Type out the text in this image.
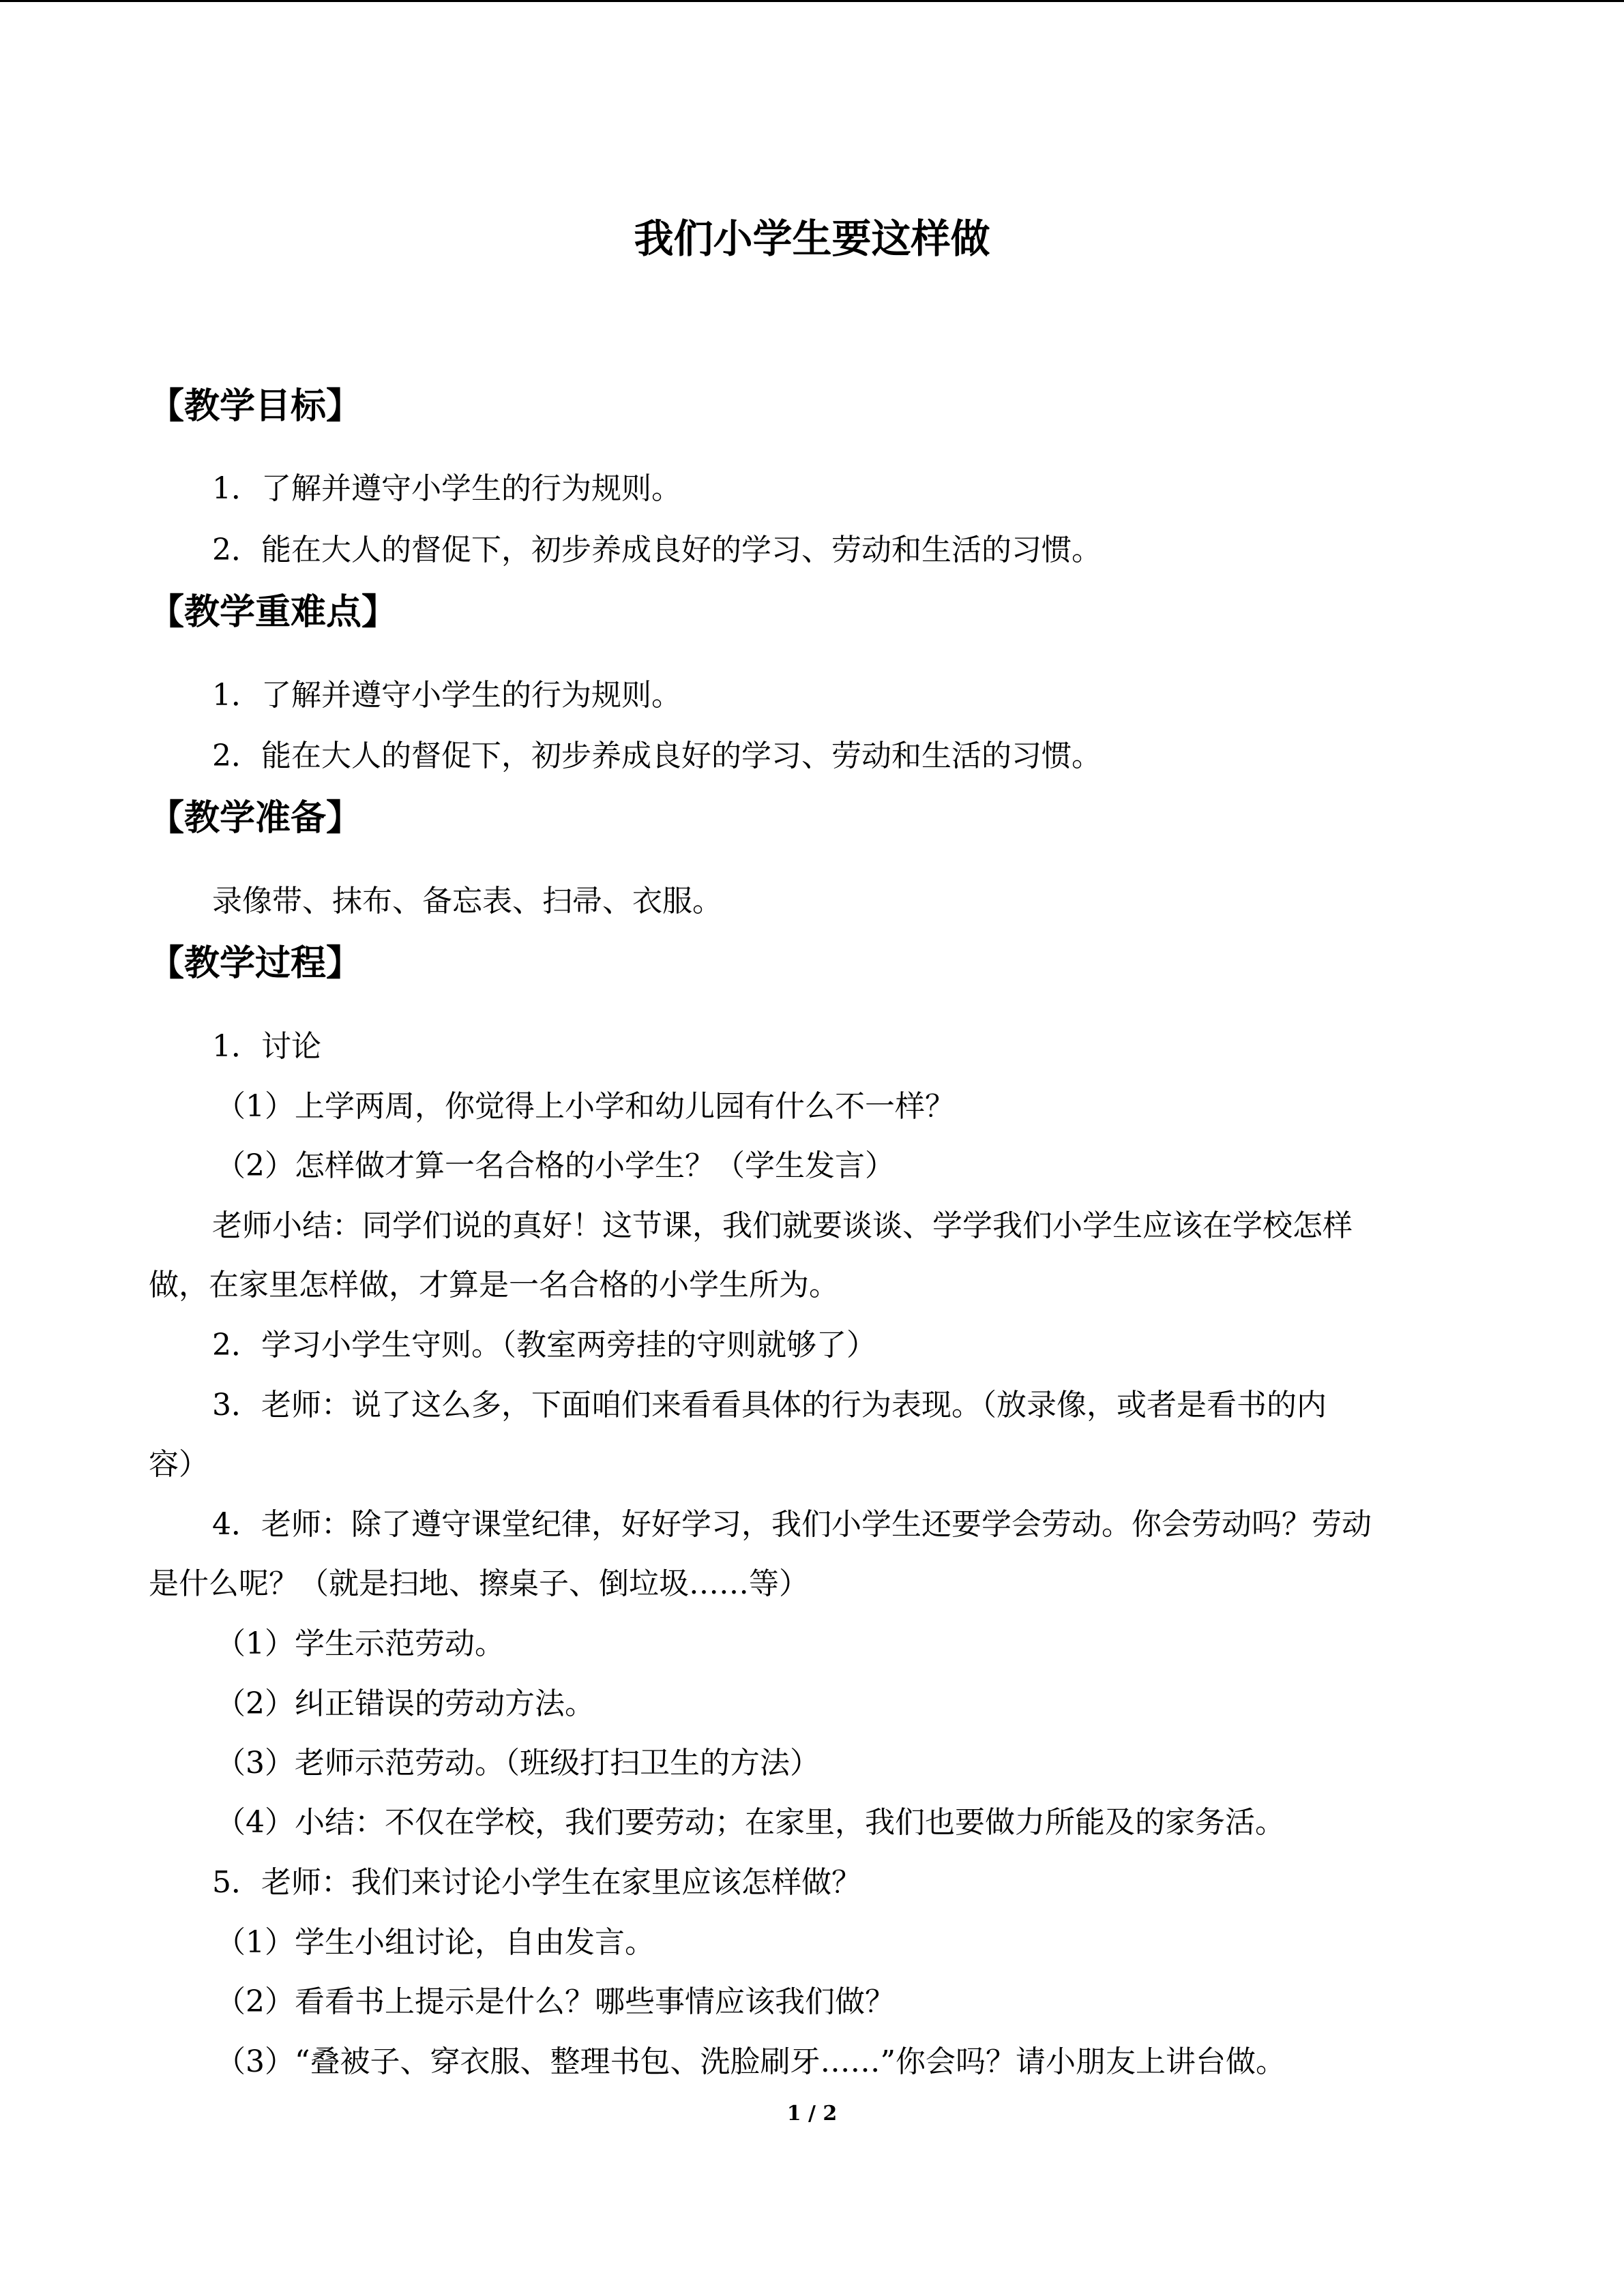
我们小学生要这样做
【教学目标】
1．了解并遵守小学生的行为规则。
2．能在大人的督促下，初步养成良好的学习、劳动和生活的习惯。
【教学重难点】
1．了解并遵守小学生的行为规则。
2．能在大人的督促下，初步养成良好的学习、劳动和生活的习惯。
【教学准备】
录像带、抹布、备忘表、扫帚、衣服。
【教学过程】
1．讨论
（1）上学两周，你觉得上小学和幼儿园有什么不一样？
（2）怎样做才算一名合格的小学生？（学生发言）
老师小结：同学们说的真好！这节课，我们就要谈谈、学学我们小学生应该在学校怎样
做，在家里怎样做，才算是一名合格的小学生所为。
2．学习小学生守则。（教室两旁挂的守则就够了）
3．老师：说了这么多，下面咱们来看看具体的行为表现。（放录像，或者是看书的内
容）
4．老师：除了遵守课堂纪律，好好学习，我们小学生还要学会劳动。你会劳动吗？劳动
是什么呢？（就是扫地、擦桌子、倒垃圾……等）
（1）学生示范劳动。
（2）纠正错误的劳动方法。
（3）老师示范劳动。（班级打扫卫生的方法）
（4）小结：不仅在学校，我们要劳动；在家里，我们也要做力所能及的家务活。
5．老师：我们来讨论小学生在家里应该怎样做？
（1）学生小组讨论，自由发言。
（2）看看书上提示是什么？哪些事情应该我们做？
（3）“叠被子、穿衣服、整理书包、洗脸刷牙……”你会吗？请小朋友上讲台做。
1 / 2
